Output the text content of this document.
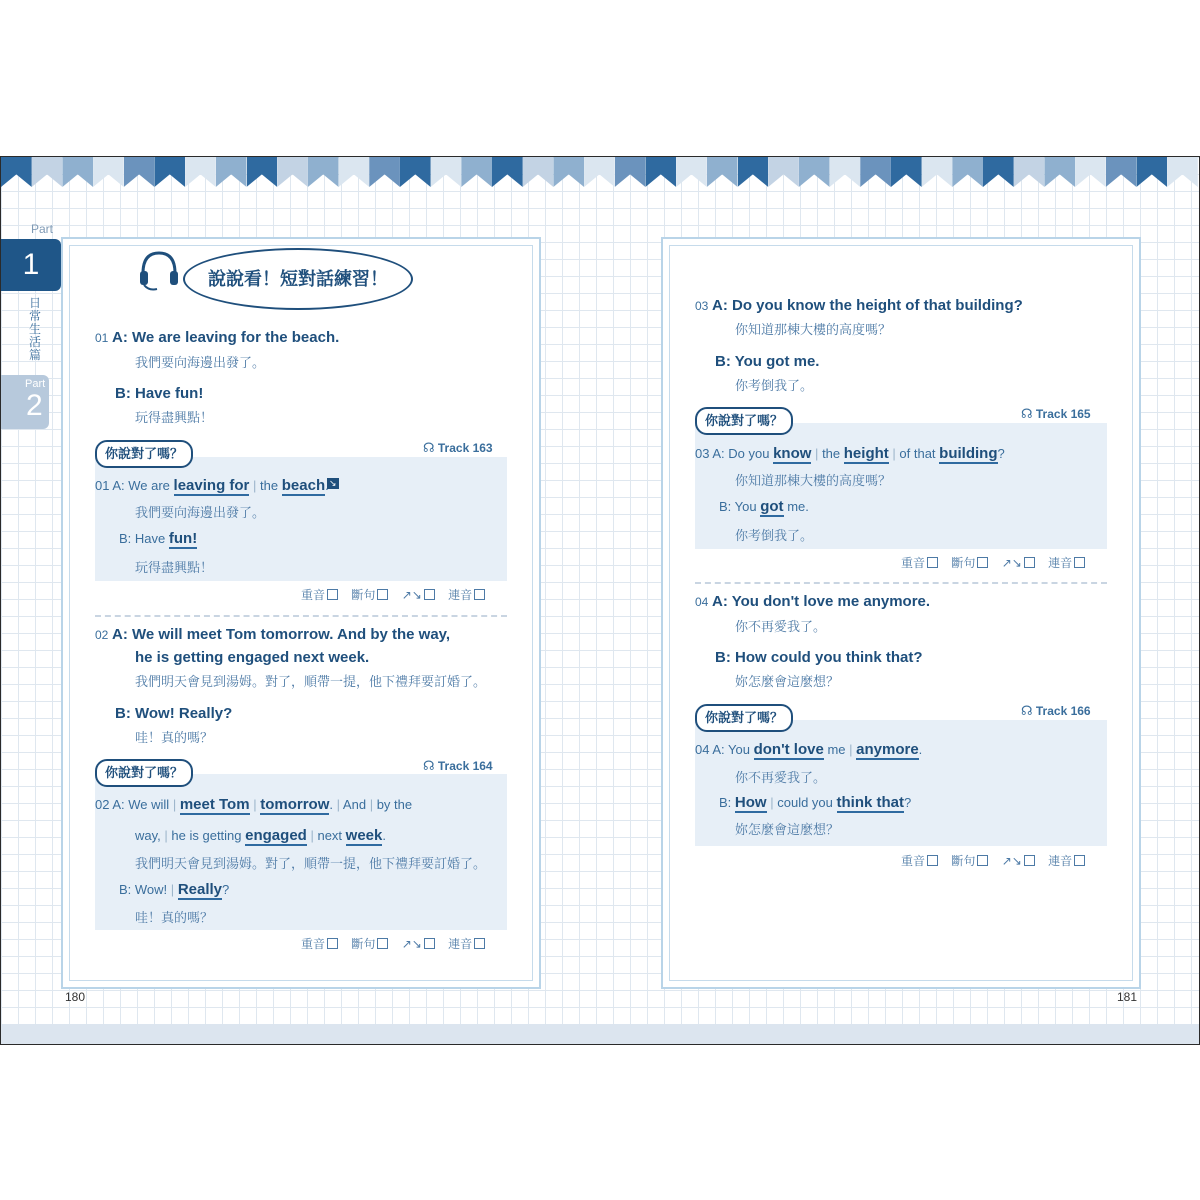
Part
1
日常生活篇
Part
2
說說看！短對話練習！
01 A: We are leaving for the beach.
我們要向海邊出發了。
B: Have fun!
玩得盡興點！
你說對了嗎？	☊ Track 163
01 A: We are leaving for | the beach ↘
我們要向海邊出發了。
B: Have fun!
玩得盡興點！
重音 斷句 ↗↘ 連音
02 A: We will meet Tom tomorrow. And by the way,
he is getting engaged next week.
我們明天會見到湯姆。對了，順帶一提，他下禮拜要訂婚了。
B: Wow! Really?
哇！真的嗎？
你說對了嗎？	☊ Track 164
02 A: We will | meet Tom | tomorrow. | And | by the
way, | he is getting engaged | next week.
我們明天會見到湯姆。對了，順帶一提，他下禮拜要訂婚了。
B: Wow! | Really?
哇！真的嗎？
重音 斷句 ↗↘ 連音
180
03 A: Do you know the height of that building?
你知道那棟大樓的高度嗎？
B: You got me.
你考倒我了。
你說對了嗎？	☊ Track 165
03 A: Do you know | the height | of that building?
你知道那棟大樓的高度嗎？
B: You got me.
你考倒我了。
重音 斷句 ↗↘ 連音
04 A: You don't love me anymore.
你不再愛我了。
B: How could you think that?
妳怎麼會這麼想？
你說對了嗎？	☊ Track 166
04 A: You don't love me | anymore.
你不再愛我了。
B: How | could you think that?
妳怎麼會這麼想？
重音 斷句 ↗↘ 連音
181
